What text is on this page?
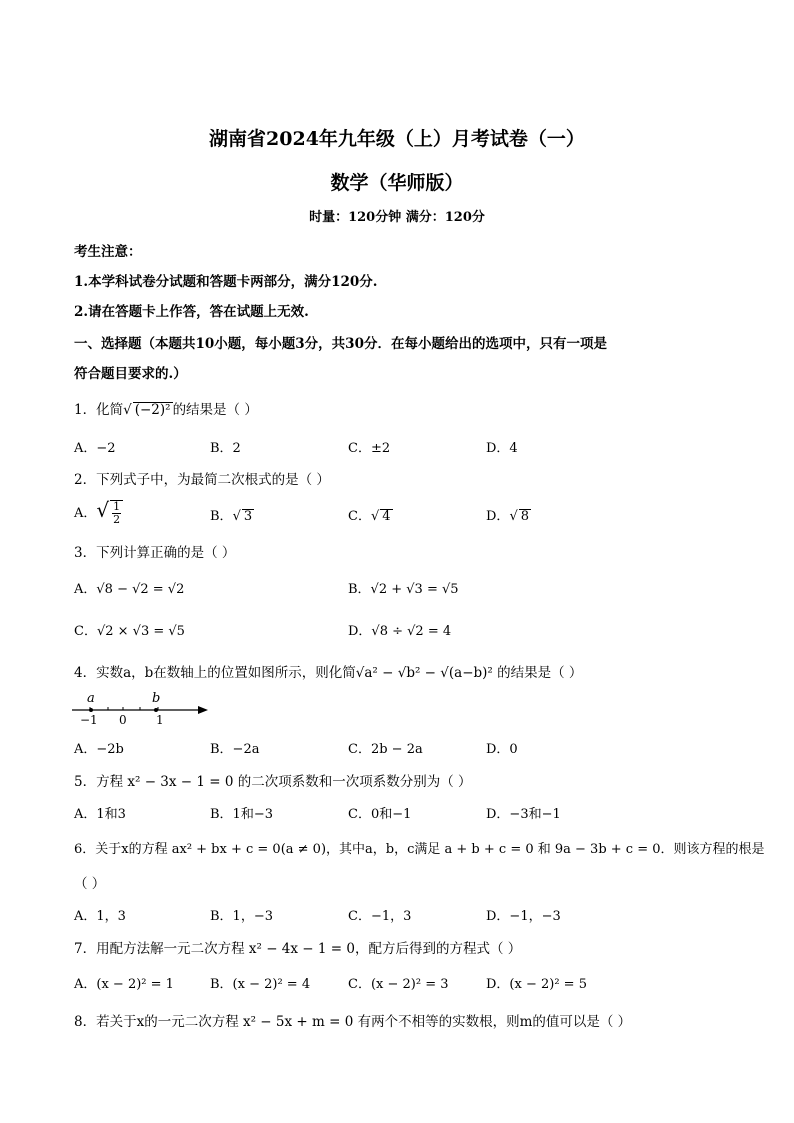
湖南省2024年九年级（上）月考试卷（一）
数学（华师版）
时量：120分钟 满分：120分
考生注意：
1.本学科试卷分试题和答题卡两部分，满分120分.
2.请在答题卡上作答，答在试题上无效.
一、选择题（本题共10小题，每小题3分，共30分．在每小题给出的选项中，只有一项是
符合题目要求的.）
1．化简√ (−2)² 的结果是（ ）
A．−2	B．2	C．±2	D．4
2．下列式子中，为最简二次根式的是（ ）
A．√ $\frac{1}{2}$	B．√ 3	C．√ 4	D．√ 8
3．下列计算正确的是（ ）
A．√8 − √2 = √2	B．√2 + √3 = √5
C．√2 × √3 = √5	D．√8 ÷ √2 = 4
4．实数a，b在数轴上的位置如图所示，则化简√a² − √b² − √(a−b)² 的结果是（ ）
a	b
−1 0 1
A．−2b	B．−2a	C．2b − 2a	D．0
5．方程 x² − 3x − 1 = 0 的二次项系数和一次项系数分别为（ ）
A．1和3	B．1和−3	C．0和−1	D．−3和−1
6．关于x的方程 ax² + bx + c = 0(a ≠ 0)，其中a，b，c满足 a + b + c = 0 和 9a − 3b + c = 0．则该方程的根是
（ ）
A．1，3	B．1，−3	C．−1，3	D．−1，−3
7．用配方法解一元二次方程 x² − 4x − 1 = 0，配方后得到的方程式（ ）
A．(x − 2)² = 1	B．(x − 2)² = 4	C．(x − 2)² = 3	D．(x − 2)² = 5
8．若关于x的一元二次方程 x² − 5x + m = 0 有两个不相等的实数根，则m的值可以是（ ）
